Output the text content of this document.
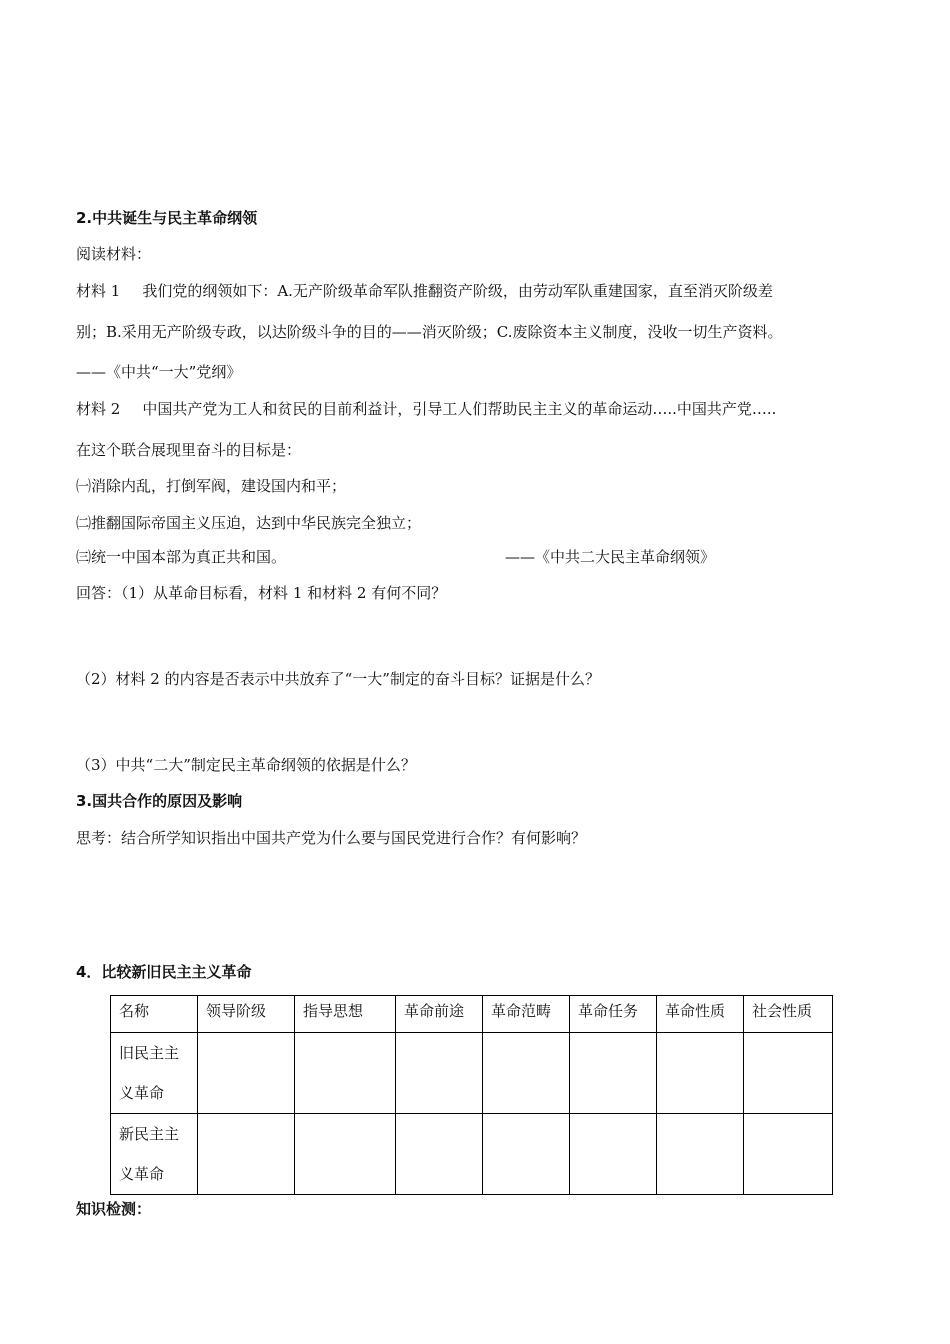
2.中共诞生与民主革命纲领
阅读材料：
材料 1 我们党的纲领如下：A.无产阶级革命军队推翻资产阶级，由劳动军队重建国家，直至消灭阶级差
别；B.采用无产阶级专政，以达阶级斗争的目的——消灭阶级；C.废除资本主义制度，没收一切生产资料。
——《中共“一大”党纲》
材料 2 中国共产党为工人和贫民的目前利益计，引导工人们帮助民主主义的革命运动…..中国共产党…..
在这个联合展现里奋斗的目标是：
㈠消除内乱，打倒军阀，建设国内和平；
㈡推翻国际帝国主义压迫，达到中华民族完全独立；
㈢统一中国本部为真正共和国。	——《中共二大民主革命纲领》
回答：（1）从革命目标看，材料 1 和材料 2 有何不同？
（2）材料 2 的内容是否表示中共放弃了“一大”制定的奋斗目标？证据是什么？
（3）中共“二大”制定民主革命纲领的依据是什么？
3.国共合作的原因及影响
思考：结合所学知识指出中国共产党为什么要与国民党进行合作？有何影响？
4．比较新旧民主主义革命
名称	领导阶级	指导思想	革命前途	革命范畴	革命任务	革命性质	社会性质

旧民主主
义革命							

新民主主
义革命							

知识检测：
